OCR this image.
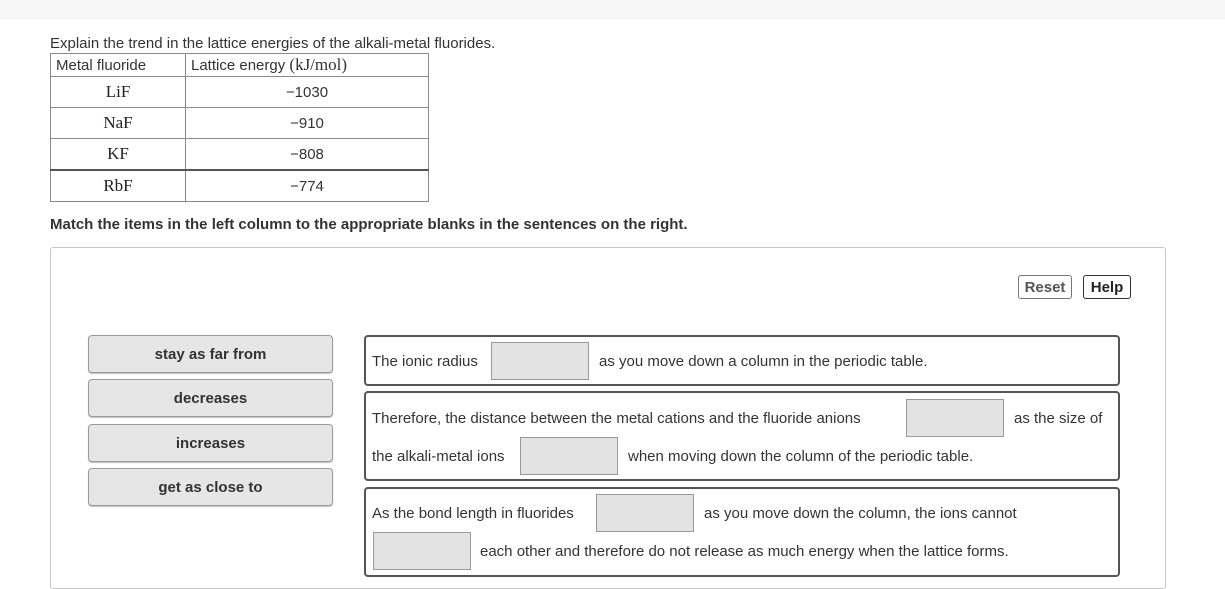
Explain the trend in the lattice energies of the alkali-metal fluorides.
Metal fluoride	Lattice energy (kJ/mol)
LiF	−1030
NaF	−910
KF	−808
RbF	−774
Match the items in the left column to the appropriate blanks in the sentences on the right.
Reset	Help
stay as far from
decreases
increases
get as close to
The ionic radius	as you move down a column in the periodic table.
Therefore, the distance between the metal cations and the fluoride anions	as the size of
the alkali-metal ions	when moving down the column of the periodic table.
As the bond length in fluorides	as you move down the column, the ions cannot
each other and therefore do not release as much energy when the lattice forms.
